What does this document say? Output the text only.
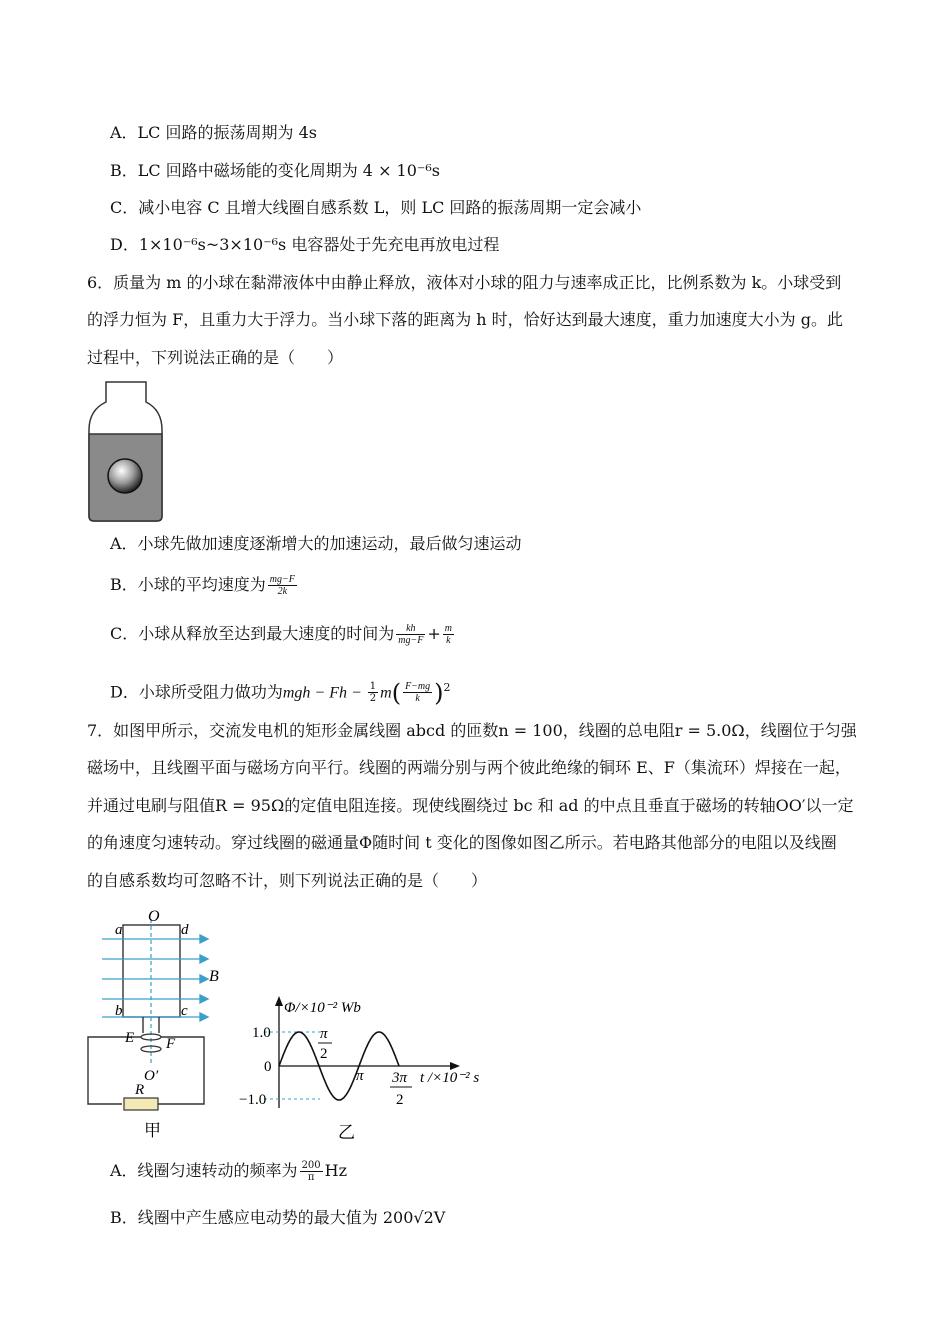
A．LC 回路的振荡周期为 4s
B．LC 回路中磁场能的变化周期为 4 × 10⁻⁶s
C．减小电容 C 且增大线圈自感系数 L，则 LC 回路的振荡周期一定会减小
D．1×10⁻⁶s~3×10⁻⁶s 电容器处于先充电再放电过程
6．质量为 m 的小球在黏滞液体中由静止释放，液体对小球的阻力与速率成正比，比例系数为 k。小球受到
的浮力恒为 F，且重力大于浮力。当小球下落的距离为 h 时，恰好达到最大速度，重力加速度大小为 g。此
过程中，下列说法正确的是（　　）
A．小球先做加速度逐渐增大的加速运动，最后做匀速运动
B．小球的平均速度为 $\frac{mg-F}{2k}$
C．小球从释放至达到最大速度的时间为 $\frac{kh}{mg-F} + \frac{m}{k}$
D．小球所受阻力做功为mgh − $Fh - \frac{1}{2} m( \frac{F-mg}{k} )^2$
7．如图甲所示，交流发电机的矩形金属线圈 abcd 的匝数n = 100，线圈的总电阻r = 5.0Ω，线圈位于匀强
磁场中，且线圈平面与磁场方向平行。线圈的两端分别与两个彼此绝缘的铜环 E、F（集流环）焊接在一起，
并通过电刷与阻值R = 95Ω的定值电阻连接。现使线圈绕过 bc 和 ad 的中点且垂直于磁场的转轴OO′以一定
的角速度匀速转动。穿过线圈的磁通量Φ随时间 t 变化的图像如图乙所示。若电路其他部分的电阻以及线圈
的自感系数均可忽略不计，则下列说法正确的是（　　）
O
a	d
B
b	c
E F
O′
R
甲
Φ/×10⁻² Wb
1.0
0
−1.0
π
2
π 3π
2
t /×10⁻² s
乙
A．线圈匀速转动的频率为 $\frac{200}{\pi}$ Hz
B．线圈中产生感应电动势的最大值为 200√2V
